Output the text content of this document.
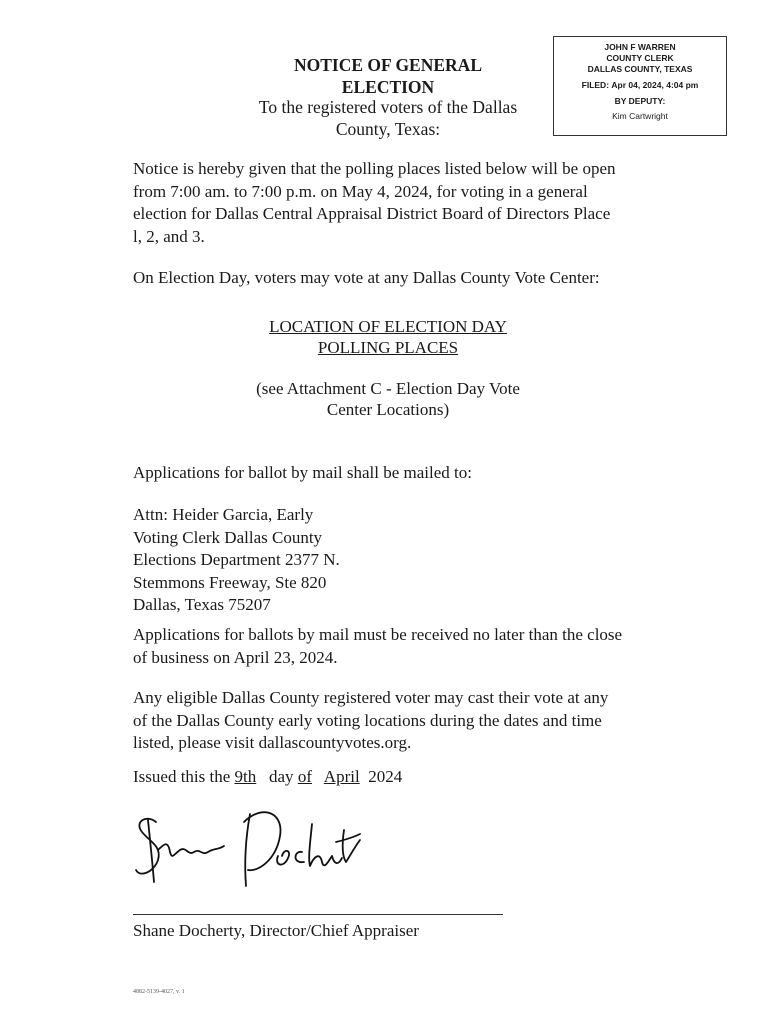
NOTICE OF GENERAL
ELECTION
To the registered voters of the Dallas
County, Texas:
JOHN F WARREN
COUNTY CLERK
DALLAS COUNTY, TEXAS
FILED: Apr 04, 2024, 4:04 pm
BY DEPUTY:
Kim Cartwright
Notice is hereby given that the polling places listed below will be open
from 7:00 am. to 7:00 p.m. on May 4, 2024, for voting in a general
election for Dallas Central Appraisal District Board of Directors Place
l, 2, and 3.
On Election Day, voters may vote at any Dallas County Vote Center:
LOCATION OF ELECTION DAY
POLLING PLACES
(see Attachment C - Election Day Vote
Center Locations)
Applications for ballot by mail shall be mailed to:
Attn: Heider Garcia, Early
Voting Clerk Dallas County
Elections Department 2377 N.
Stemmons Freeway, Ste 820
Dallas, Texas 75207
Applications for ballots by mail must be received no later than the close
of business on April 23, 2024.
Any eligible Dallas County registered voter may cast their vote at any
of the Dallas County early voting locations during the dates and time
listed, please visit dallascountyvotes.org.
Issued this the 9th   day of April  2024
Shane Docherty, Director/Chief Appraiser
4882-5139-4027, v. 1
